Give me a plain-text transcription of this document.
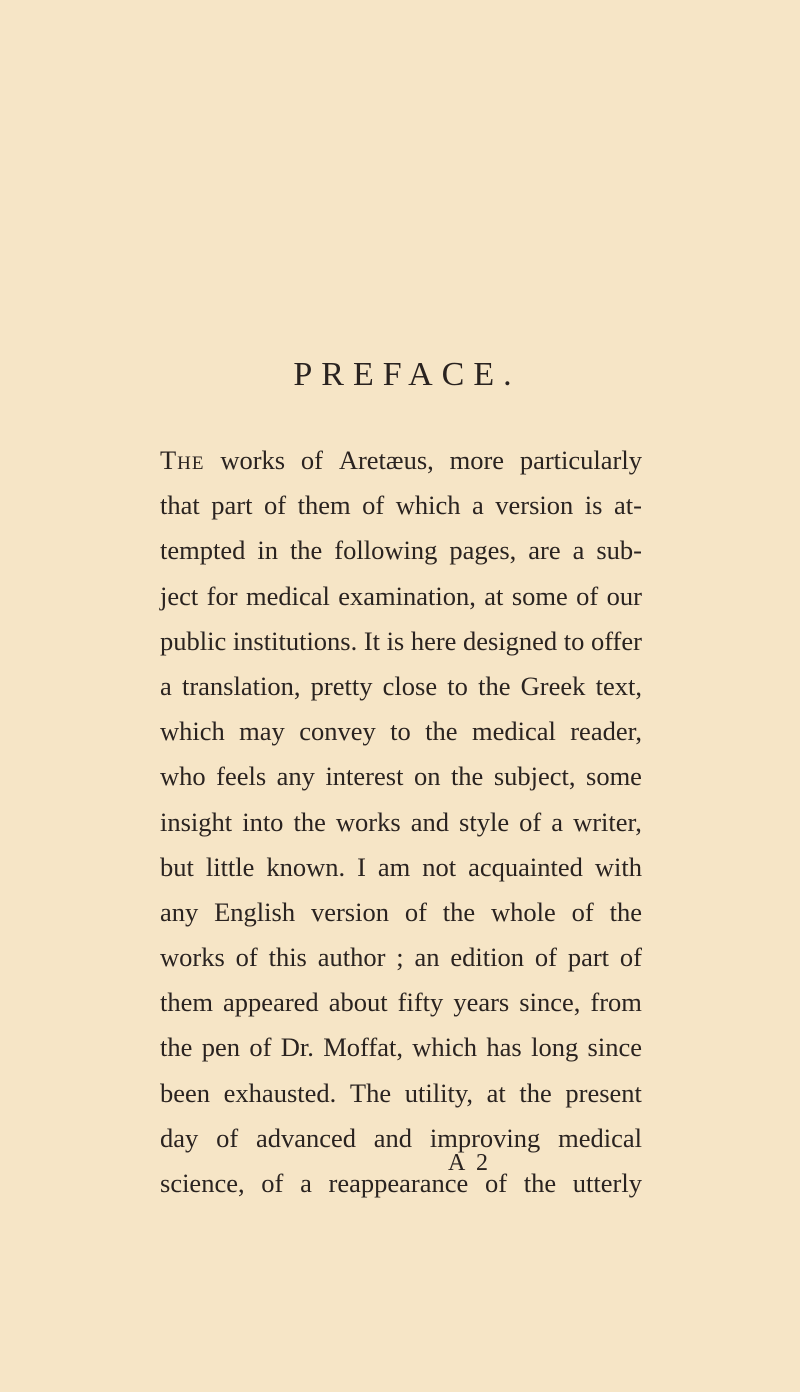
PREFACE.
The works of Aretæus, more particularly
that part of them of which a version is at-
tempted in the following pages, are a sub-
ject for medical examination, at some of our
public institutions. It is here designed to offer
a translation, pretty close to the Greek text,
which may convey to the medical reader,
who feels any interest on the subject, some
insight into the works and style of a writer,
but little known. I am not acquainted with
any English version of the whole of the
works of this author ; an edition of part of
them appeared about fifty years since, from
the pen of Dr. Moffat, which has long since
been exhausted. The utility, at the present
day of advanced and improving medical
science, of a reappearance of the utterly
A 2
